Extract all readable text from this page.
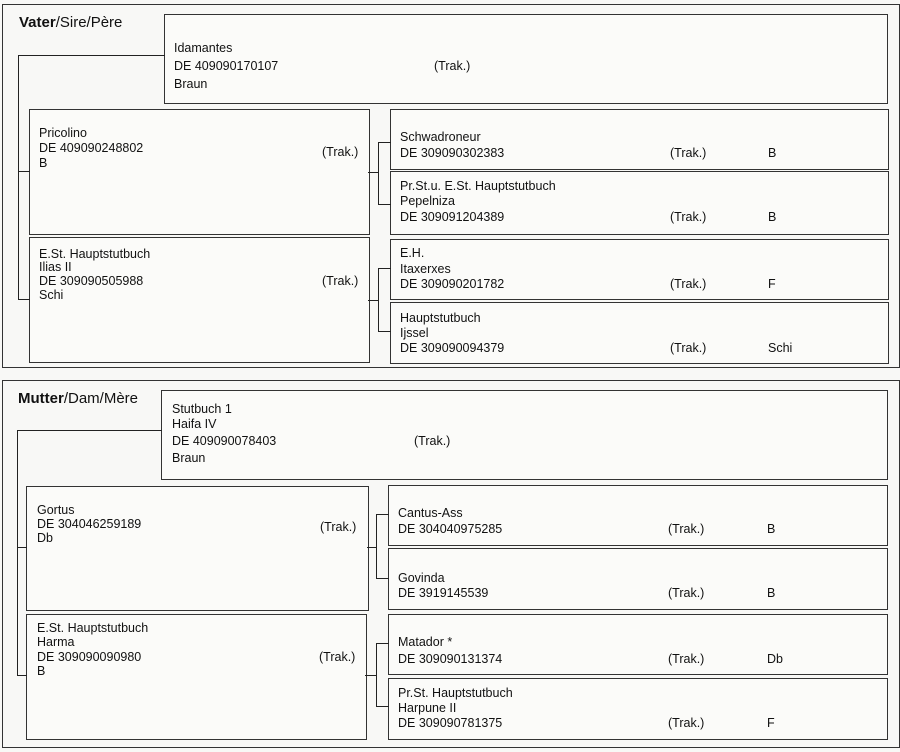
Vater/Sire/Père
Idamantes
DE 409090170107	(Trak.)
Braun
Pricolino
DE 409090248802	(Trak.)
B
E.St. Hauptstutbuch
Ilias II
DE 309090505988	(Trak.)
Schi
Schwadroneur
DE 309090302383	(Trak.)	B
Pr.St.u. E.St. Hauptstutbuch
Pepelniza
DE 309091204389	(Trak.)	B
E.H.
Itaxerxes
DE 309090201782	(Trak.)	F
Hauptstutbuch
Ijssel
DE 309090094379	(Trak.)	Schi
Mutter/Dam/Mère
Stutbuch 1
Haifa IV
DE 409090078403	(Trak.)
Braun
Gortus
DE 304046259189	(Trak.)
Db
E.St. Hauptstutbuch
Harma
DE 309090090980	(Trak.)
B
Cantus-Ass
DE 304040975285	(Trak.)	B
Govinda
DE 3919145539	(Trak.)	B
Matador *
DE 309090131374	(Trak.)	Db
Pr.St. Hauptstutbuch
Harpune II
DE 309090781375	(Trak.)	F
